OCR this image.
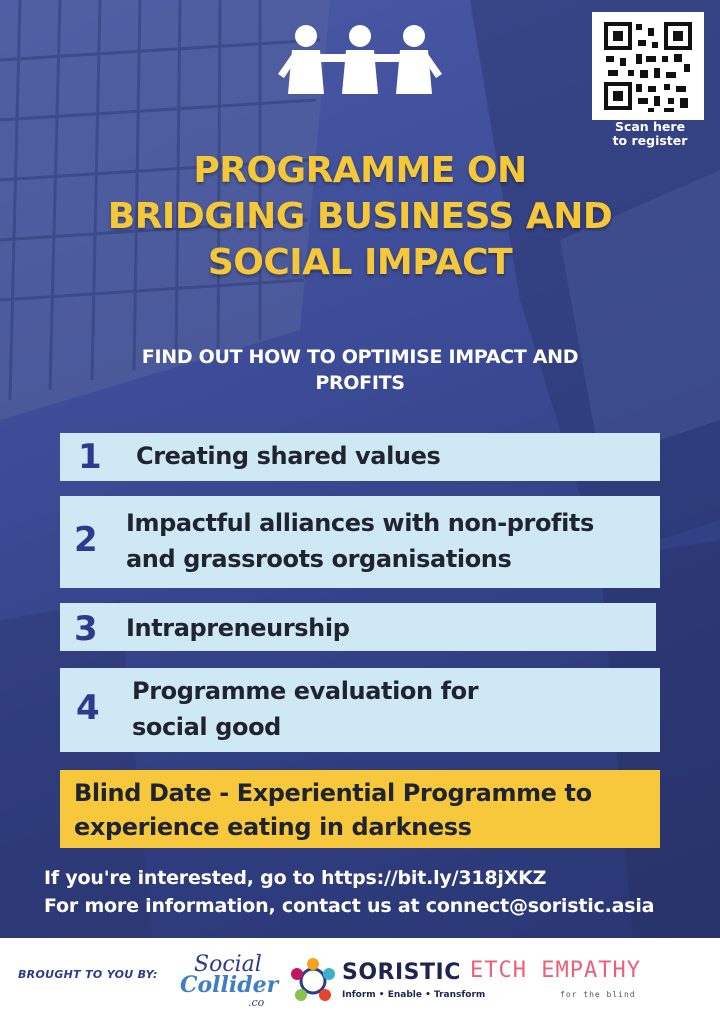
Scan here
to register
PROGRAMME ON
BRIDGING BUSINESS AND
SOCIAL IMPACT
FIND OUT HOW TO OPTIMISE IMPACT AND
PROFITS
1 Creating shared values
2 Impactful alliances with non-profits
and grassroots organisations
3 Intrapreneurship
4 Programme evaluation for
social good
Blind Date - Experiential Programme to
experience eating in darkness
If you're interested, go to https://bit.ly/318jXKZ
For more information, contact us at connect@soristic.asia
BROUGHT TO YOU BY: Social
Collider
.co
SORISTIC
Inform • Enable • Transform
ETCH EMPATHY
for the blind
